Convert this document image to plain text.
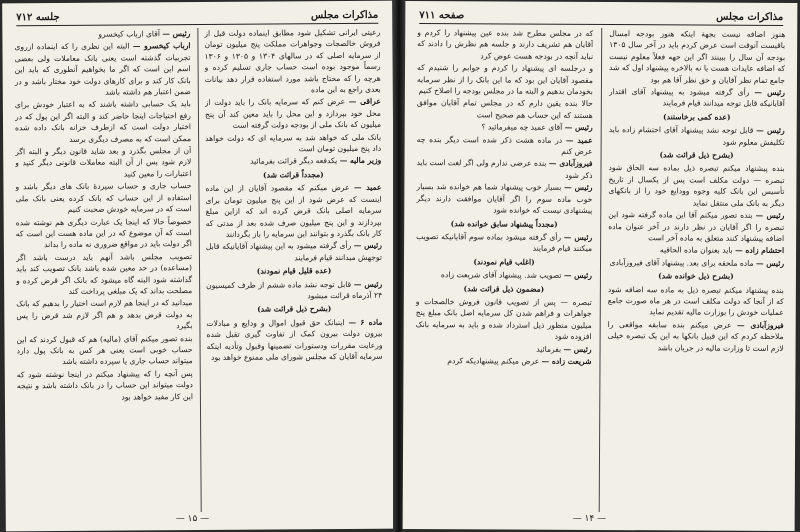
مذاکرات مجلس
جلسه ۷۱۲

رعیتی ایرانی تشکیل شود مطابق اینماده دولت قبل از فروش خالصجات وجواهرات مملکت پنج میلیون تومان از سرمایه اصلی که در سالهای ۱۳۰۴ و ۱۳۰۵ و ۱۳۰۶ رسماً موجود بوده است حساب جاری تسلیم کرده و هرچه را که محتاج باشد مورد استفاده قرار دهد بیانات بعدی راجع به این ماده

عراقی — عرض کنم که سرمایه بانک را باید دولت از محل خود بپردازد و این محل را باید معین کند آن پنج میلیون که بانک ملی از بودجه دولت گرفته است

بانک ملی که خواهد شد به سرمایه ای که دولت خواهد داد پنج میلیون تومان است

وزیر مالیه — یکدفعه دیگر قرائت بفرمائید

(مجدداً قرائت شد)

عمید — عرض میکنم که مقصود آقایان از این ماده اینست که عرض شود از این پنج میلیون تومان برای سرمایه اصلی بانک قرض کرده اند که ازاین مبلغ بپردازند و این پنج میلیون صرف شده بعد از مدتی که کار بانک بگذرد و بتوانند این سرمایه را باز بگردانند

رئیس — رأی گرفته میشود به این پیشنهاد آقایانیکه قابل توجهش میدانند قیام فرمایند

(عده قلیل قیام نمودند)

رئیس — قابل توجه نشد ماده ششم از طرف کمیسیون ۲۴ آذرماه قرائت میشود

(بشرح ذیل قرائت شد)

ماده ۶ — اینبانک حق قبول اموال و ودایع و مبادلات بیرون دولت بیرون کمک از تفاوت گیری تقبل شده ورعایت مقررات ودستورات تضمینها وقبول وتأدیه اینکه سرمایه آقایان که مجلس شورای ملی ممنوع خواهد بود

رئیس — آقای ارباب کیخسرو

ارباب کیخسرو — البته این نظری را که اینماده ازروی تجربیات گذشته است یعنی بانک معاملات ولی بعضی اسم این است که اگر ما بخواهیم آنطوری که باید این بانک کار کند و برای کارهای دولت خود مختار باشد و در ضمن اعتبار هم داشته باشد

باید یک حسابی داشته باشند که به اعتبار خودش برای رفع احتیاجات اینجا حاضر کند و البته اگر این پول که در اختیار دولت است که ازطرف خزانه بانک داده شده ممکن است که به مصرف دیگری برسد

آن از مجلس بگذرد و بعد شاید قانون دیگر و البته اگر لازم شود پس از آن البته معاملات قانونی دیگر کنید و اعتبارات را معین کنید

حساب جاری و حساب سپردهٔ بانک های دیگر باشد و استفاده از این حساب که بانک کرده یعنی بانک ملی است که در سرمایه خودش صحبت کنیم

خصوصاً حالا که اینجا یک عبارت دیگری هم نوشته شده است که آن موضوع که در این ماده هست این است که اگر دولت باید در مواقع ضروری نه ماده را بداند

تصویب مجلس باشد آنهم باید درست باشد اگر (مساعده) در حد معین شده باشد بانک تصویب کند باید گذاشته شود البته گاه میشود که بانک اگر قرض کرده و مصلحت بداند که یک مبلغی پرداخت کند

میدانید که در اینجا هم لازم است اختیار را بدهیم که بانک به دولت قرض بدهد و هم اگر لازم شد قرض را پس بگیرد

بنده تصور میکنم آقای (مالیه) هم که قبول کردند که این حساب خوبی است یعنی هر کس به بانک پول دارد میتواند حساب جاری یا سپرده داشته باشد

پس آنچه را که پیشنهاد میکنم در اینجا نوشته شود که دولت میتواند این حساب را در بانک داشته باشد و نتیجه این کار مفید خواهد بود

— ۱۵ —
مذاکرات مجلس
صفحه ۷۱۱

هنوز اضافه نیست بجهة اینکه هنوز بودجه امسال باقیست آنوقت است عرض کردم باید در آخر سال ۱۳۰۵ بودجه آن سال را ببینند اگر این جهه فعلاً معلوم نیست که اضافه عایدات هست یا نه بالاخره پیشنهاد اول که شد جامع تمام نظر آقایان و حق نظر آقا هم بود

رئیس — رأی گرفته میشود به پیشنهاد آقای اقتدار آقایانیکه قابل توجه میدانند قیام فرمایند

(عده کمی برخاستند)

رئیس — قابل توجه نشد پیشنهاد آقای احتشام زاده باید تکلیفش معلوم شود

(بشرح ذیل قرائت شد)

بنده پیشنهاد میکنم تبصره ذیل بماده سه الحاق شود تبصره — دولت مکلف است پس از یکسال از تاریخ تأسیس این بانک کلیه وجوه وودایع خود را از بانکهای دیگر به بانک ملی منتقل نماید

رئیس — بنده تصور میکنم آقا این ماده گرفته شود این تبصره را اگر آقایان در نظر دارند در آخر عنوان ماده اضافه پیشنهاد کنند متعلق به ماده آخر است

احتشام زاده — باید بعنوان ماده الحاقیه

رئیس — ماده ملحقه برای بعد. پیشنهاد آقای فیروزآبادی

(بشرح ذیل خوانده شد)

بنده پیشنهاد میکنم تبصره ذیل به ماده سه اضافه شود که از آنجا که دولت مکلف است در هر ماه صورت جامع عملیات خودش را بوزارت مالیه تقدیم نماید

فیروزآبادی — عرض میکنم بنده سابقه مواقعی را ملاحظه کردم که این قبیل بانکها به این یک تبصره خیلی لازم است تا وزارت مالیه در جریان باشد

که در مجلس مطرح شد بنده عین پیشنهاد را کردم و آقایان هم تشریف دارند و جلسه هم نظرش را دادند که نباید آنچه در بودجه هست عوض کرد

و درجلسه ای پیشنهاد را کردم و جوابم را شنیدم که مقصود آقایان این بود که ما این بانک را از نظر سرمایه بخودمان بدهیم و البته ما در مجلس بودجه را اصلاح کنیم

حالا بنده یقین دارم که در مجلس تمام آقایان موافق هستند که این حساب هم صحیح است

رئیس — آقای عمید چه میفرمائید ؟

عمید — در ماده هشت ذکر شده است دیگر بنده چه عرض کنم

فیروزآبادی — بنده عرضی ندارم ولی اگر لغت است باید ذکر شود

رئیس — بسیار خوب پیشنهاد شما هم خوانده شد بسیار خوب ماده سوم را اگر آقایان موافقت دارند دیگر پیشنهادی نیست که خوانده شود

(مجدداً پیشنهاد سابق خوانده شد)

رئیس — رأی گرفته میشود بماده سوم آقایانیکه تصویب میکنند قیام فرمایند

(اغلب قیام نمودند)

رئیس — تصویب شد. پیشنهاد آقای شریعت زاده

(مضمون ذیل قرائت شد)

تبصره — پس از تصویب قانون فروش خالصجات و جواهرات و فراهم شدن کل سرمایه اصل بانک مبلغ پنج میلیون منظور ذیل استرداد شده و باید به سرمایه بانک افزوده شود

رئیس — بفرمائید

شریعت زاده — عرض میکنم پیشنهادیکه کردم

— ۱۴ —
